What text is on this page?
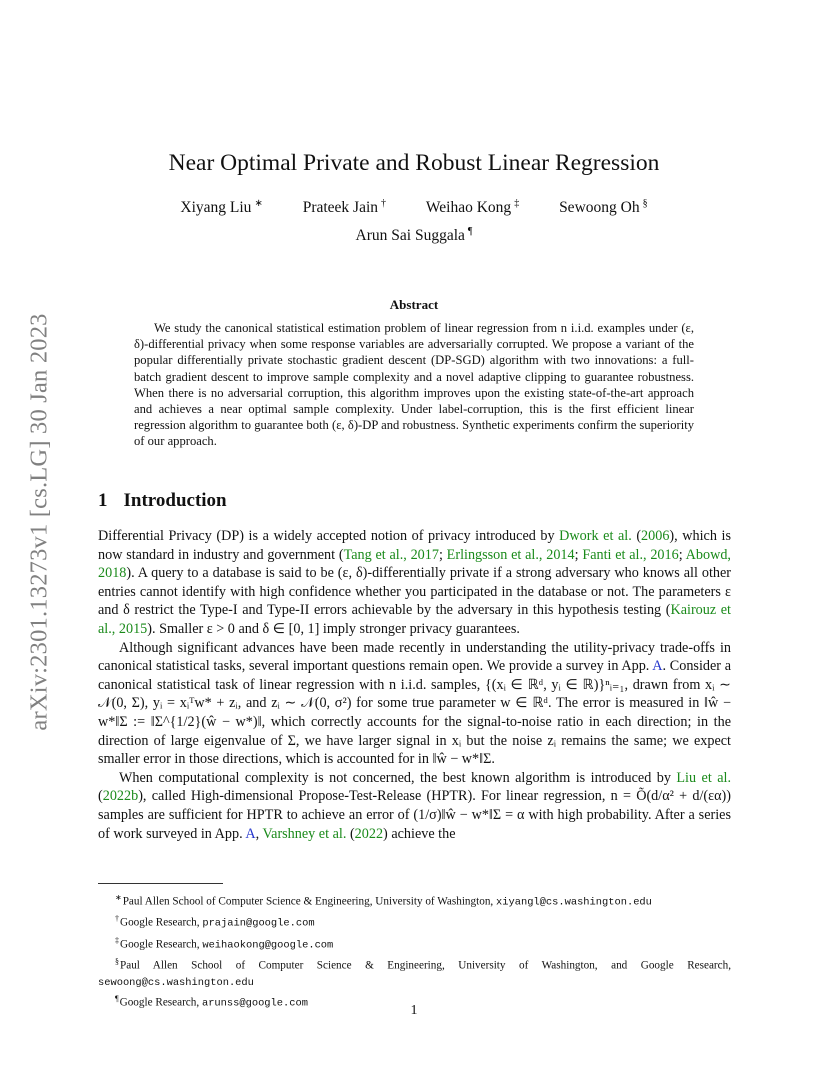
arXiv:2301.13273v1 [cs.LG] 30 Jan 2023
Near Optimal Private and Robust Linear Regression
Xiyang Liu ∗	Prateek Jain †	Weihao Kong ‡	Sewoong Oh §
Arun Sai Suggala ¶
Abstract
We study the canonical statistical estimation problem of linear regression from n i.i.d. examples under (ε, δ)-differential privacy when some response variables are adversarially corrupted. We propose a variant of the popular differentially private stochastic gradient descent (DP-SGD) algorithm with two innovations: a full-batch gradient descent to improve sample complexity and a novel adaptive clipping to guarantee robustness. When there is no adversarial corruption, this algorithm improves upon the existing state-of-the-art approach and achieves a near optimal sample complexity. Under label-corruption, this is the first efficient linear regression algorithm to guarantee both (ε, δ)-DP and robustness. Synthetic experiments confirm the superiority of our approach.
1 Introduction

Differential Privacy (DP) is a widely accepted notion of privacy introduced by Dwork et al. (2006), which is now standard in industry and government (Tang et al., 2017; Erlingsson et al., 2014; Fanti et al., 2016; Abowd, 2018). A query to a database is said to be (ε, δ)-differentially private if a strong adversary who knows all other entries cannot identify with high confidence whether you participated in the database or not. The parameters ε and δ restrict the Type-I and Type-II errors achievable by the adversary in this hypothesis testing (Kairouz et al., 2015). Smaller ε > 0 and δ ∈ [0, 1] imply stronger privacy guarantees.

Although significant advances have been made recently in understanding the utility-privacy trade-offs in canonical statistical tasks, several important questions remain open. We provide a survey in App. A. Consider a canonical statistical task of linear regression with n i.i.d. samples, {(xᵢ ∈ ℝᵈ, yᵢ ∈ ℝ)}ⁿᵢ₌₁, drawn from xᵢ ∼ 𝒩(0, Σ), yᵢ = xᵢᵀw* + zᵢ, and zᵢ ∼ 𝒩(0, σ²) for some true parameter w ∈ ℝᵈ. The error is measured in ‖ŵ − w*‖Σ := ‖Σ^{1/2}(ŵ − w*)‖, which correctly accounts for the signal-to-noise ratio in each direction; in the direction of large eigenvalue of Σ, we have larger signal in xᵢ but the noise zᵢ remains the same; we expect smaller error in those directions, which is accounted for in ‖ŵ − w*‖Σ.

When computational complexity is not concerned, the best known algorithm is introduced by Liu et al. (2022b), called High-dimensional Propose-Test-Release (HPTR). For linear regression, n = Õ(d/α² + d/(εα)) samples are sufficient for HPTR to achieve an error of (1/σ)‖ŵ − w*‖Σ = α with high probability. After a series of work surveyed in App. A, Varshney et al. (2022) achieve the

∗Paul Allen School of Computer Science & Engineering, University of Washington, xiyangl@cs.washington.edu
†Google Research, prajain@google.com
‡Google Research, weihaokong@google.com
§Paul Allen School of Computer Science & Engineering, University of Washington, and Google Research, sewoong@cs.washington.edu
¶Google Research, arunss@google.com	1
